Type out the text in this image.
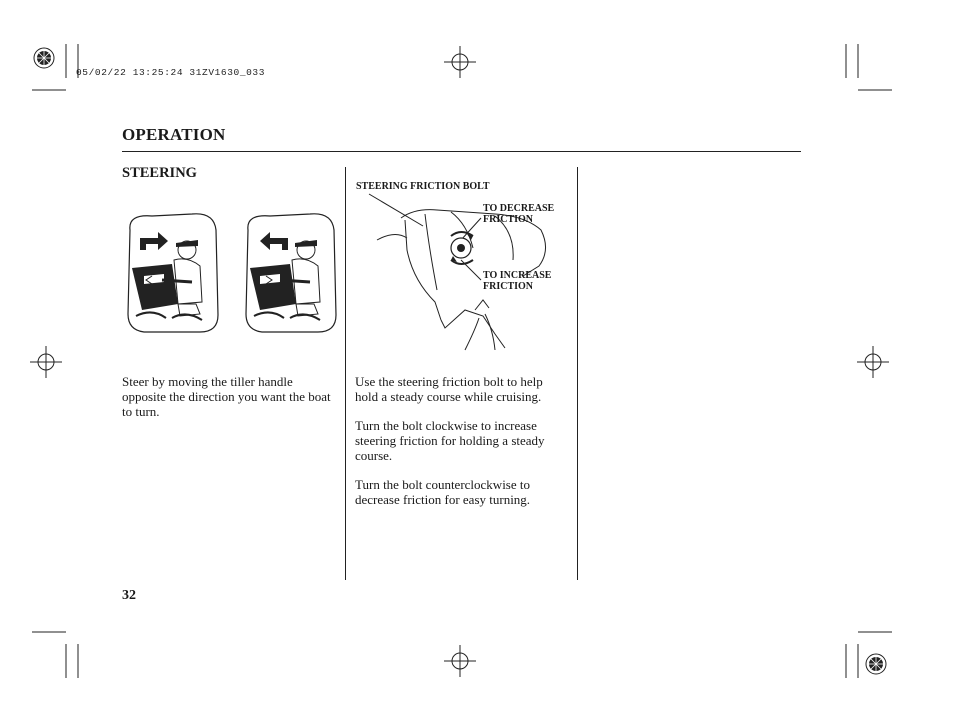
05/02/22 13:25:24 31ZV1630_033
OPERATION
STEERING

Steer by moving the tiller handle opposite the direction you want the boat to turn.

STEERING FRICTION BOLT
TO DECREASE
FRICTION
TO INCREASE
FRICTION

Use the steering friction bolt to help hold a steady course while cruising.

Turn the bolt clockwise to increase steering friction for holding a steady course.

Turn the bolt counterclockwise to decrease friction for easy turning.

32
